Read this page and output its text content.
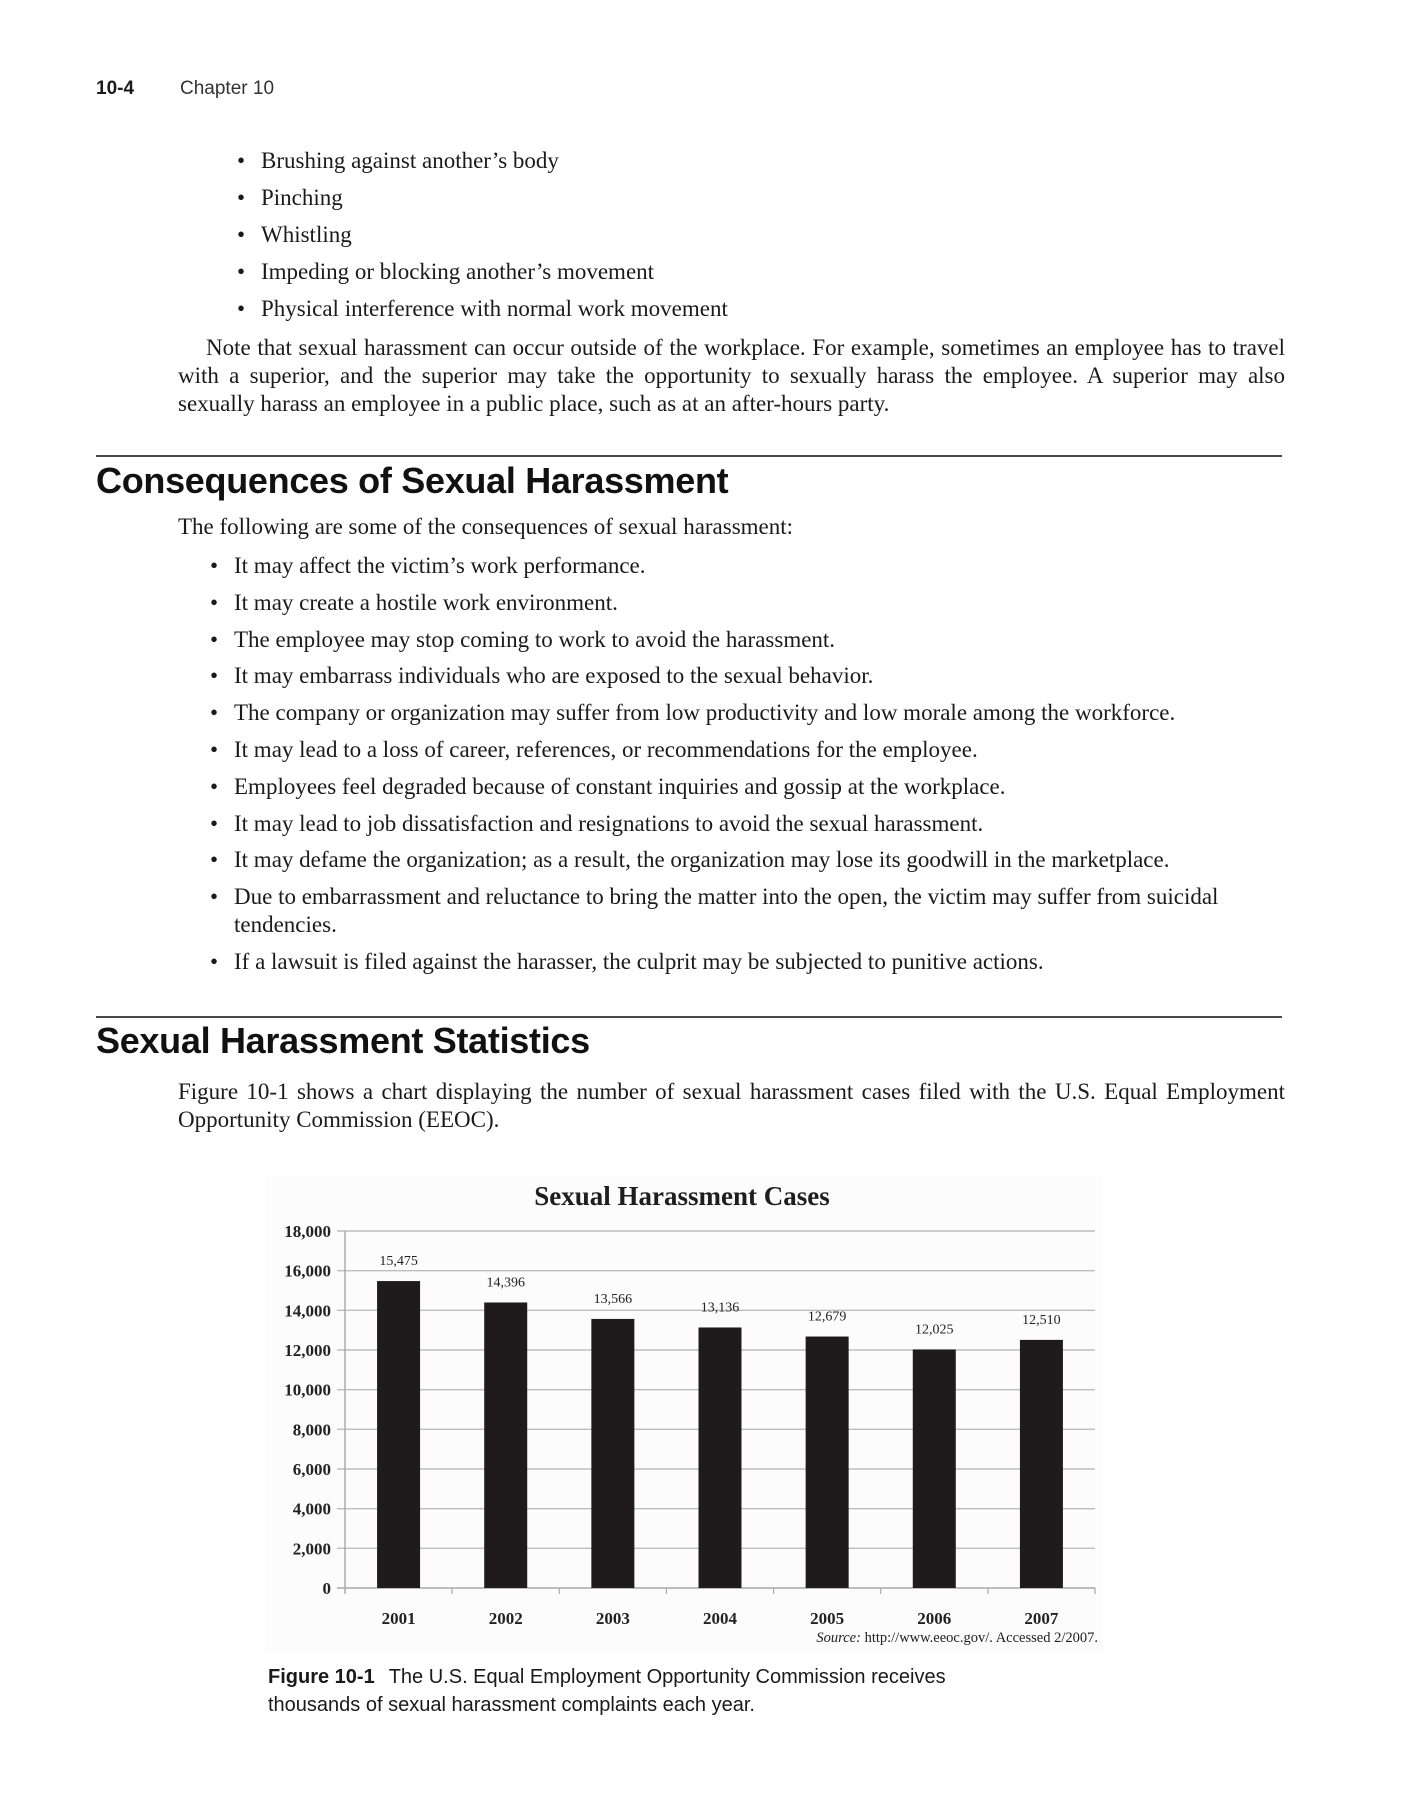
10-4 Chapter 10
• Brushing against another’s body
• Pinching
• Whistling
• Impeding or blocking another’s movement
• Physical interference with normal work movement

Note that sexual harassment can occur outside of the workplace. For example, sometimes an employee has to travel with a superior, and the superior may take the opportunity to sexually harass the employee. A superior may also sexually harass an employee in a public place, such as at an after-hours party.

Consequences of Sexual Harassment

The following are some of the consequences of sexual harassment:

• It may affect the victim’s work performance.
• It may create a hostile work environment.
• The employee may stop coming to work to avoid the harassment.
• It may embarrass individuals who are exposed to the sexual behavior.
• The company or organization may suffer from low productivity and low morale among the workforce.
• It may lead to a loss of career, references, or recommendations for the employee.
• Employees feel degraded because of constant inquiries and gossip at the workplace.
• It may lead to job dissatisfaction and resignations to avoid the sexual harassment.
• It may defame the organization; as a result, the organization may lose its goodwill in the marketplace.
• Due to embarrassment and reluctance to bring the matter into the open, the victim may suffer from suicidal tendencies.
• If a lawsuit is filed against the harasser, the culprit may be subjected to punitive actions.
Sexual Harassment Statistics

Figure 10-1 shows a chart displaying the number of sexual harassment cases filed with the U.S. Equal Employment Opportunity Commission (EEOC).

Sexual Harassment Cases
0
2,000
4,000
6,000
8,000
10,000
12,000
14,000
16,000
18,000
15,475
2001
14,396
2002
13,566
2003
13,136
2004
12,679
2005
12,025
2006
12,510
2007
Source: http://www.eeoc.gov/. Accessed 2/2007.
Figure 10-1 The U.S. Equal Employment Opportunity Commission receives thousands of sexual harassment complaints each year.
